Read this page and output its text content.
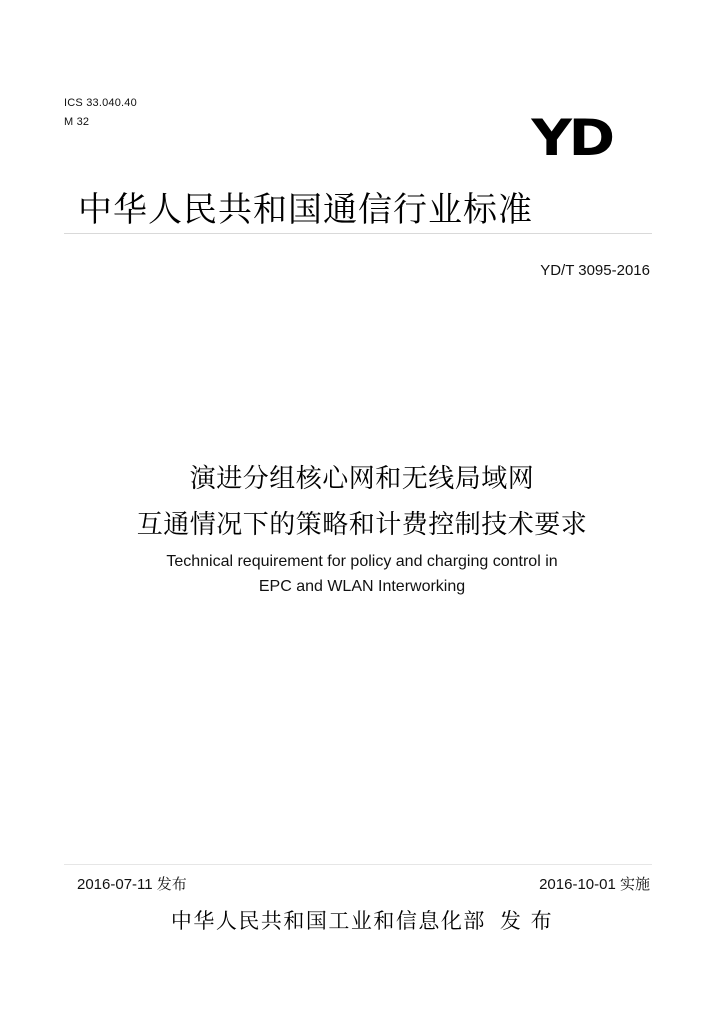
ICS 33.040.40
M 32	YD
中华人民共和国通信行业标准
YD/T 3095-2016
演进分组核心网和无线局域网
互通情况下的策略和计费控制技术要求
Technical requirement for policy and charging control in
EPC and WLAN Interworking
2016-07-11 发布	2016-10-01 实施
中华人民共和国工业和信息化部 发 布
